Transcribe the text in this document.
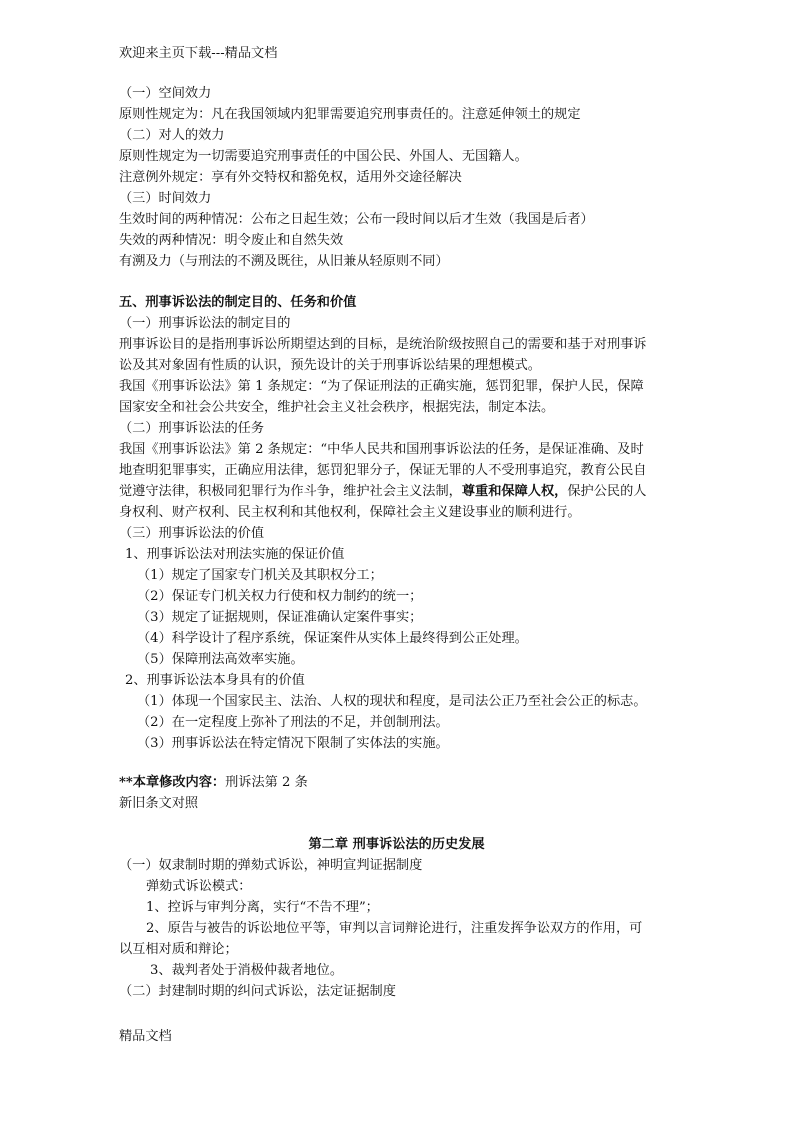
欢迎来主页下载---精品文档
（一）空间效力
原则性规定为：凡在我国领域内犯罪需要追究刑事责任的。注意延伸领土的规定
（二）对人的效力
原则性规定为一切需要追究刑事责任的中国公民、外国人、无国籍人。
注意例外规定：享有外交特权和豁免权，适用外交途径解决
（三）时间效力
生效时间的两种情况：公布之日起生效；公布一段时间以后才生效（我国是后者）
失效的两种情况：明令废止和自然失效
有溯及力（与刑法的不溯及既往，从旧兼从轻原则不同）
五、刑事诉讼法的制定目的、任务和价值
（一）刑事诉讼法的制定目的
刑事诉讼目的是指刑事诉讼所期望达到的目标，是统治阶级按照自己的需要和基于对刑事诉
讼及其对象固有性质的认识，预先设计的关于刑事诉讼结果的理想模式。
我国《刑事诉讼法》第 1 条规定：“为了保证刑法的正确实施，惩罚犯罪，保护人民，保障
国家安全和社会公共安全，维护社会主义社会秩序，根据宪法，制定本法。
（二）刑事诉讼法的任务
我国《刑事诉讼法》第 2 条规定：“中华人民共和国刑事诉讼法的任务，是保证准确、及时
地查明犯罪事实，正确应用法律，惩罚犯罪分子，保证无罪的人不受刑事追究，教育公民自
觉遵守法律，积极同犯罪行为作斗争，维护社会主义法制，尊重和保障人权，保护公民的人
身权利、财产权利、民主权利和其他权利，保障社会主义建设事业的顺利进行。
（三）刑事诉讼法的价值
1、刑事诉讼法对刑法实施的保证价值
（1）规定了国家专门机关及其职权分工；
（2）保证专门机关权力行使和权力制约的统一；
（3）规定了证据规则，保证准确认定案件事实；
（4）科学设计了程序系统，保证案件从实体上最终得到公正处理。
（5）保障刑法高效率实施。
2、刑事诉讼法本身具有的价值
（1）体现一个国家民主、法治、人权的现状和程度，是司法公正乃至社会公正的标志。
（2）在一定程度上弥补了刑法的不足，并创制刑法。
（3）刑事诉讼法在特定情况下限制了实体法的实施。
**本章修改内容：刑诉法第 2 条
新旧条文对照
第二章 刑事诉讼法的历史发展
（一）奴隶制时期的弹劾式诉讼，神明宣判证据制度
弹劾式诉讼模式：
1、控诉与审判分离，实行“不告不理”；
2、原告与被告的诉讼地位平等，审判以言词辩论进行，注重发挥争讼双方的作用，可
以互相对质和辩论；
3、裁判者处于消极仲裁者地位。
（二）封建制时期的纠问式诉讼，法定证据制度
精品文档
